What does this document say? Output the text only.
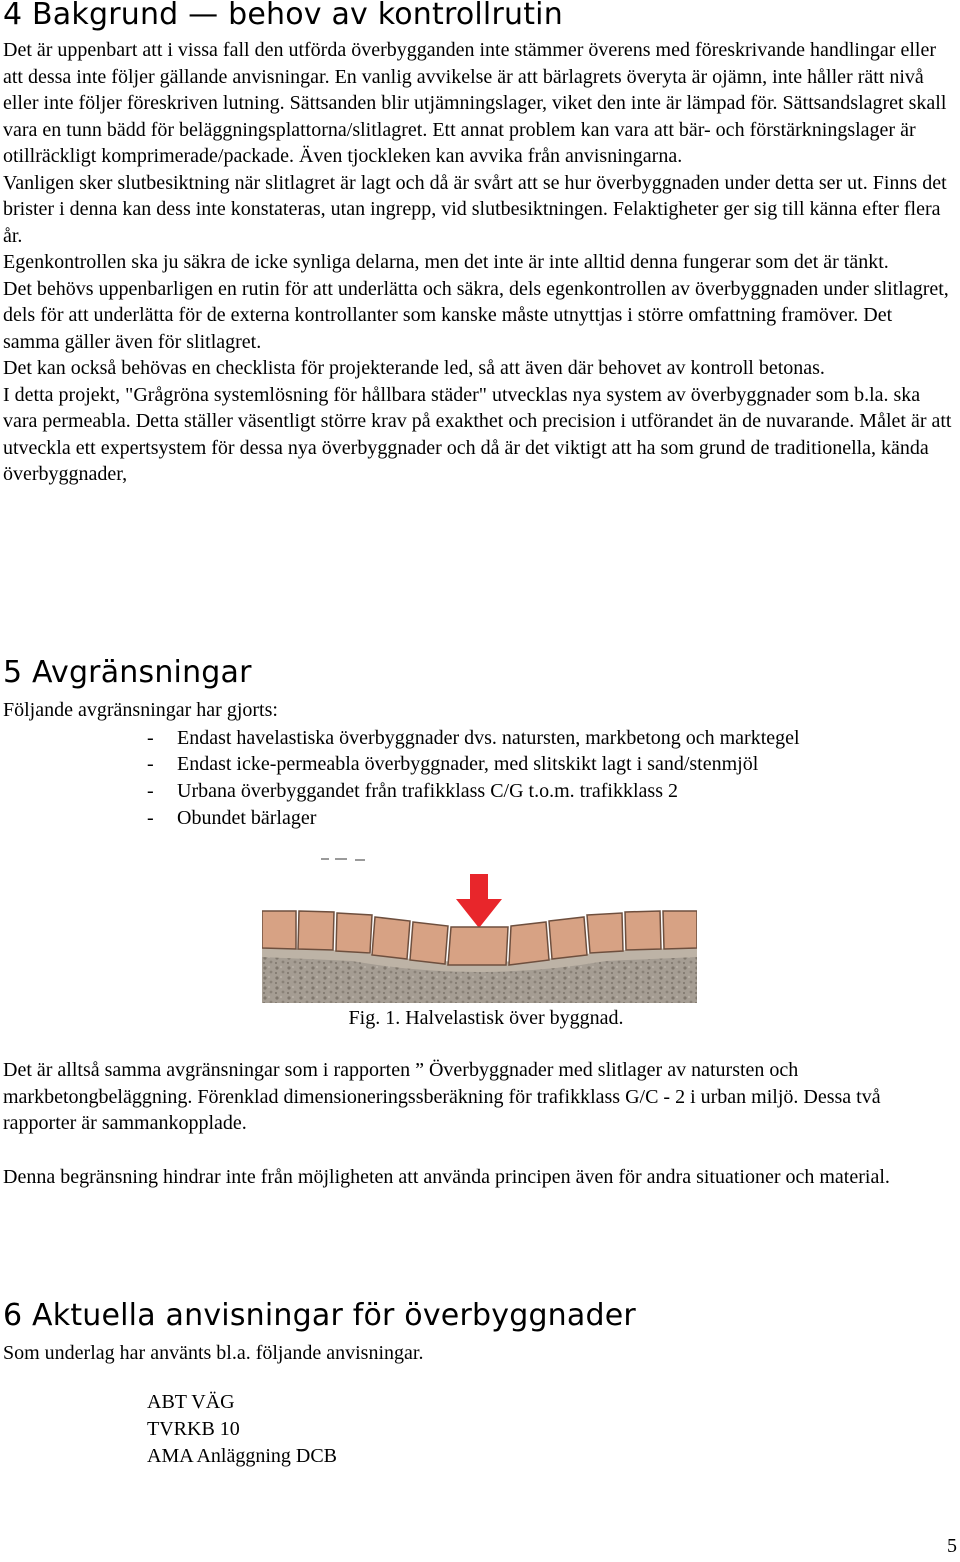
4 Bakgrund — behov av kontrollrutin

Det är uppenbart att i vissa fall den utförda överbygganden inte stämmer överens med föreskrivande handlingar eller att dessa inte följer gällande anvisningar. En vanlig avvikelse är att bärlagrets överyta är ojämn, inte håller rätt nivå eller inte följer föreskriven lutning. Sättsanden blir utjämningslager, viket den inte är lämpad för. Sättsandslagret skall vara en tunn bädd för beläggningsplattorna/slitlagret. Ett annat problem kan vara att bär- och förstärkningslager är otillräckligt komprimerade/packade. Även tjockleken kan avvika från anvisningarna.

Vanligen sker slutbesiktning när slitlagret är lagt och då är svårt att se hur överbyggnaden under detta ser ut. Finns det brister i denna kan dess inte konstateras, utan ingrepp, vid slutbesiktningen. Felaktigheter ger sig till känna efter flera år.

Egenkontrollen ska ju säkra de icke synliga delarna, men det inte är inte alltid denna fungerar som det är tänkt.

Det behövs uppenbarligen en rutin för att underlätta och säkra, dels egenkontrollen av överbyggnaden under slitlagret, dels för att underlätta för de externa kontrollanter som kanske måste utnyttjas i större omfattning framöver. Det samma gäller även för slitlagret.

Det kan också behövas en checklista för projekterande led, så att även där behovet av kontroll betonas.

I detta projekt, "Grågröna systemlösning för hållbara städer" utvecklas nya system av överbyggnader som b.la. ska vara permeabla. Detta ställer väsentligt större krav på exakthet och precision i utförandet än de nuvarande. Målet är att utveckla ett expertsystem för dessa nya överbyggnader och då är det viktigt att ha som grund de traditionella, kända överbyggnader,

5 Avgränsningar

Följande avgränsningar har gjorts:

- Endast havelastiska överbyggnader dvs. natursten, markbetong och marktegel
- Endast icke-permeabla överbyggnader, med slitskikt lagt i sand/stenmjöl
- Urbana överbyggandet från trafikklass C/G t.o.m. trafikklass 2
- Obundet bärlager
Fig. 1. Halvelastisk över byggnad.

Det är alltså samma avgränsningar som i rapporten ” Överbyggnader med slitlager av natursten och markbetongbeläggning. Förenklad dimensioneringssberäkning för trafikklass G/C - 2 i urban miljö. Dessa två rapporter är sammankopplade.

Denna begränsning hindrar inte från möjligheten att använda principen även för andra situationer och material.

6 Aktuella anvisningar för överbyggnader

Som underlag har använts bl.a. följande anvisningar.

ABT VÄG
TVRKB 10
AMA Anläggning DCB
5
